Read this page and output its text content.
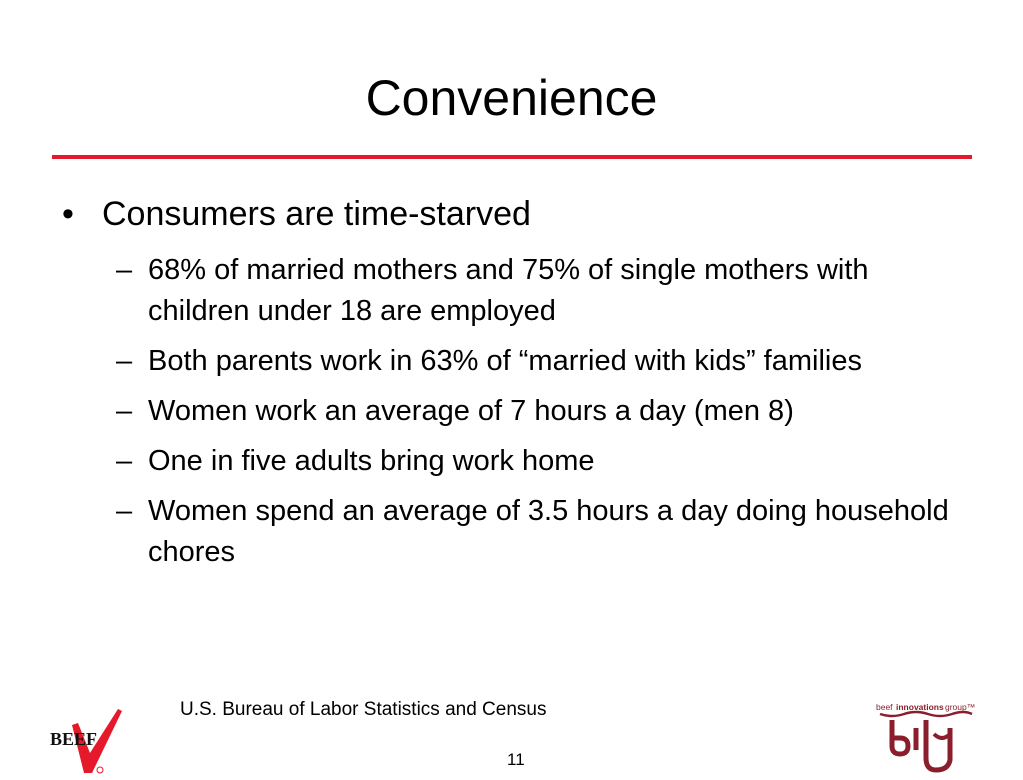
Convenience
• Consumers are time-starved
– 68% of married mothers and 75% of single mothers with children under 18 are employed
– Both parents work in 63% of “married with kids” families
– Women work an average of 7 hours a day (men 8)
– One in five adults bring work home
– Women spend an average of 3.5 hours a day doing household chores
U.S. Bureau of Labor Statistics and Census
11
BEEF
beef innovations group™
